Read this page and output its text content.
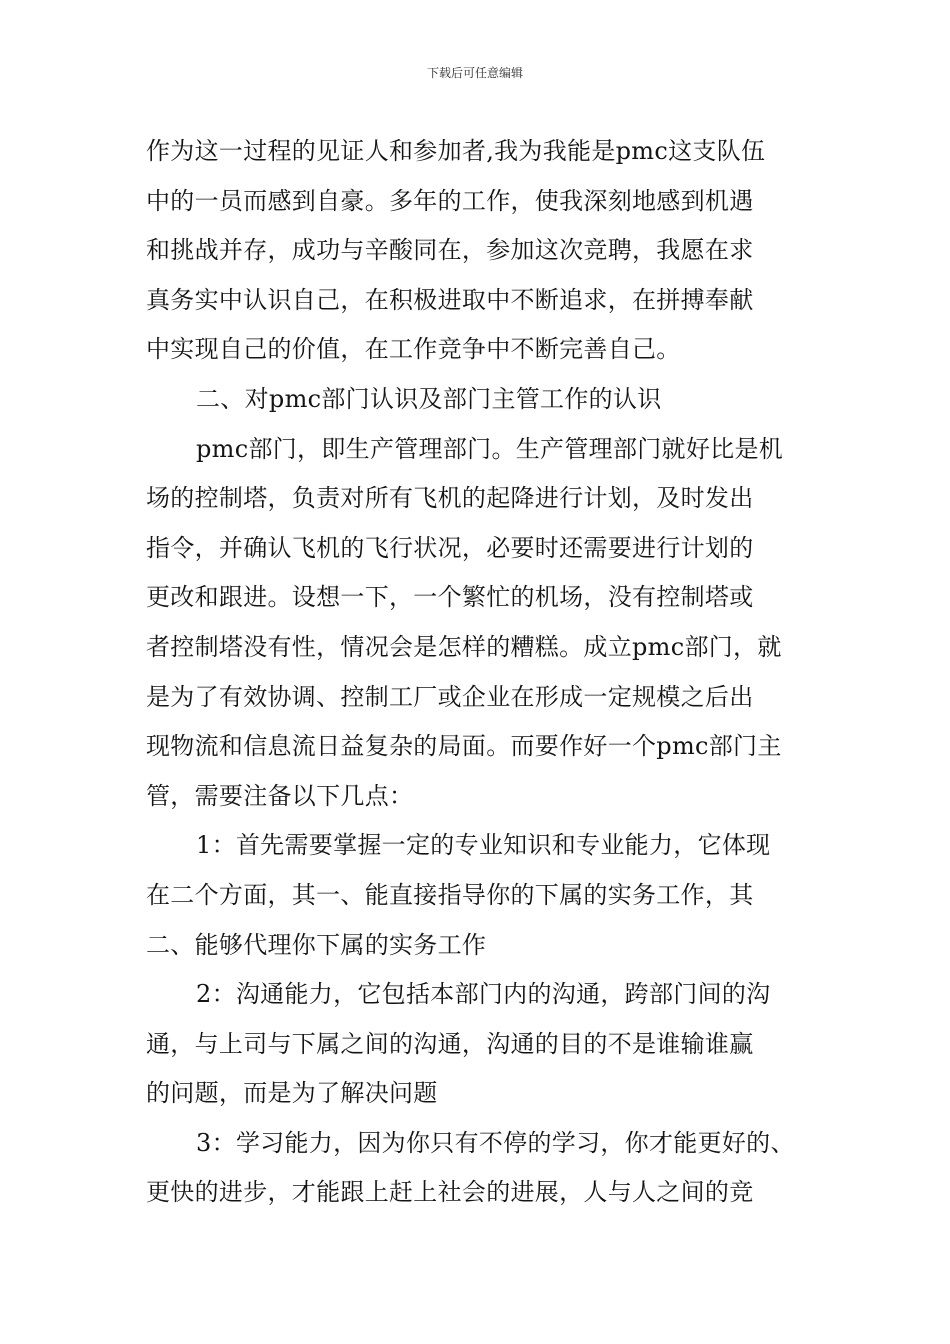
下载后可任意编辑
作为这一过程的见证人和参加者,我为我能是pmc这支队伍
中的一员而感到自豪。多年的工作，使我深刻地感到机遇
和挑战并存，成功与辛酸同在，参加这次竞聘，我愿在求
真务实中认识自己，在积极进取中不断追求，在拼搏奉献
中实现自己的价值，在工作竞争中不断完善自己。
二、对pmc部门认识及部门主管工作的认识
pmc部门，即生产管理部门。生产管理部门就好比是机
场的控制塔，负责对所有飞机的起降进行计划，及时发出
指令，并确认飞机的飞行状况，必要时还需要进行计划的
更改和跟进。设想一下，一个繁忙的机场，没有控制塔或
者控制塔没有性，情况会是怎样的糟糕。成立pmc部门，就
是为了有效协调、控制工厂或企业在形成一定规模之后出
现物流和信息流日益复杂的局面。而要作好一个pmc部门主
管，需要注备以下几点：
1：首先需要掌握一定的专业知识和专业能力，它体现
在二个方面，其一、能直接指导你的下属的实务工作，其
二、能够代理你下属的实务工作
2：沟通能力，它包括本部门内的沟通，跨部门间的沟
通，与上司与下属之间的沟通，沟通的目的不是谁输谁赢
的问题，而是为了解决问题
3：学习能力，因为你只有不停的学习，你才能更好的、
更快的进步，才能跟上赶上社会的进展，人与人之间的竞
